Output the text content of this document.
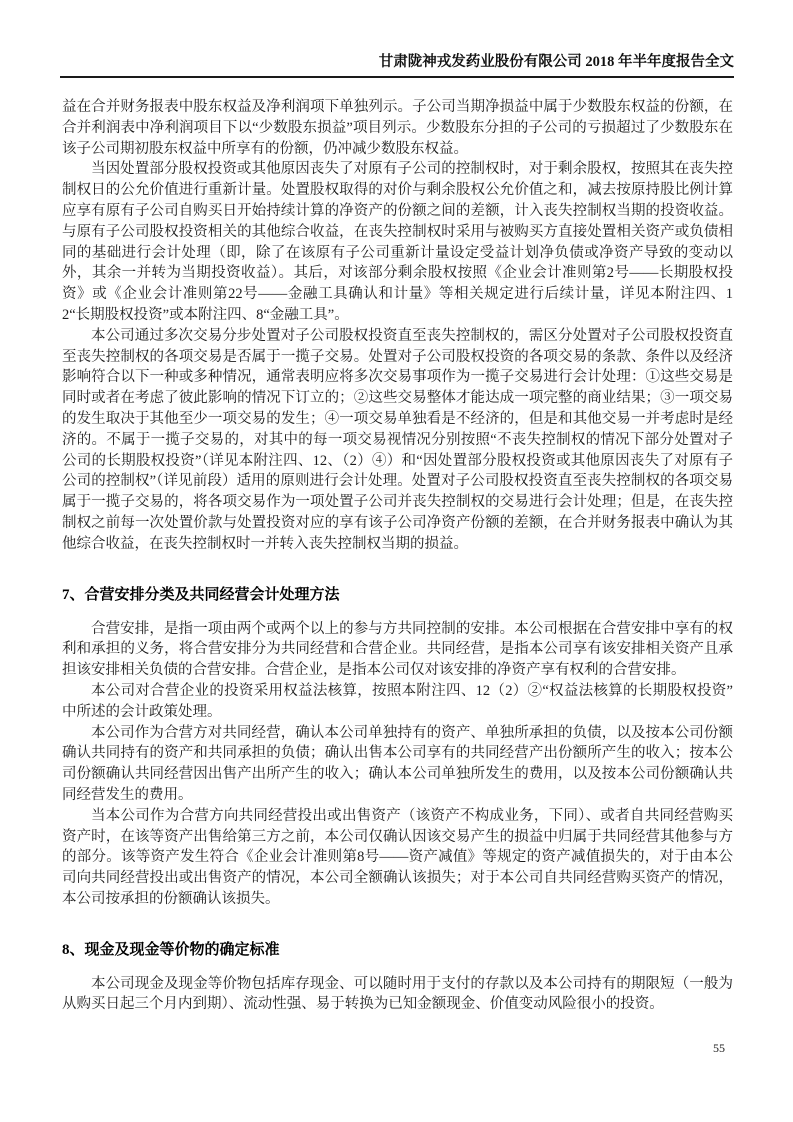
甘肃陇神戎发药业股份有限公司 2018 年半年度报告全文

益在合并财务报表中股东权益及净利润项下单独列示。子公司当期净损益中属于少数股东权益的份额，在合并利润表中净利润项目下以“少数股东损益”项目列示。少数股东分担的子公司的亏损超过了少数股东在该子公司期初股东权益中所享有的份额，仍冲减少数股东权益。

当因处置部分股权投资或其他原因丧失了对原有子公司的控制权时，对于剩余股权，按照其在丧失控制权日的公允价值进行重新计量。处置股权取得的对价与剩余股权公允价值之和，减去按原持股比例计算应享有原有子公司自购买日开始持续计算的净资产的份额之间的差额，计入丧失控制权当期的投资收益。与原有子公司股权投资相关的其他综合收益，在丧失控制权时采用与被购买方直接处置相关资产或负债相同的基础进行会计处理（即，除了在该原有子公司重新计量设定受益计划净负债或净资产导致的变动以外，其余一并转为当期投资收益）。其后，对该部分剩余股权按照《企业会计准则第2号——长期股权投资》或《企业会计准则第22号——金融工具确认和计量》等相关规定进行后续计量，详见本附注四、12“长期股权投资”或本附注四、8“金融工具”。

本公司通过多次交易分步处置对子公司股权投资直至丧失控制权的，需区分处置对子公司股权投资直至丧失控制权的各项交易是否属于一揽子交易。处置对子公司股权投资的各项交易的条款、条件以及经济影响符合以下一种或多种情况，通常表明应将多次交易事项作为一揽子交易进行会计处理：①这些交易是同时或者在考虑了彼此影响的情况下订立的；②这些交易整体才能达成一项完整的商业结果；③一项交易的发生取决于其他至少一项交易的发生；④一项交易单独看是不经济的，但是和其他交易一并考虑时是经济的。不属于一揽子交易的，对其中的每一项交易视情况分别按照“不丧失控制权的情况下部分处置对子公司的长期股权投资”（详见本附注四、12、（2）④）和“因处置部分股权投资或其他原因丧失了对原有子公司的控制权”（详见前段）适用的原则进行会计处理。处置对子公司股权投资直至丧失控制权的各项交易属于一揽子交易的，将各项交易作为一项处置子公司并丧失控制权的交易进行会计处理；但是，在丧失控制权之前每一次处置价款与处置投资对应的享有该子公司净资产份额的差额，在合并财务报表中确认为其他综合收益，在丧失控制权时一并转入丧失控制权当期的损益。

7、合营安排分类及共同经营会计处理方法

合营安排，是指一项由两个或两个以上的参与方共同控制的安排。本公司根据在合营安排中享有的权利和承担的义务，将合营安排分为共同经营和合营企业。共同经营，是指本公司享有该安排相关资产且承担该安排相关负债的合营安排。合营企业，是指本公司仅对该安排的净资产享有权利的合营安排。

本公司对合营企业的投资采用权益法核算，按照本附注四、12（2）②“权益法核算的长期股权投资”中所述的会计政策处理。

本公司作为合营方对共同经营，确认本公司单独持有的资产、单独所承担的负债，以及按本公司份额确认共同持有的资产和共同承担的负债；确认出售本公司享有的共同经营产出份额所产生的收入；按本公司份额确认共同经营因出售产出所产生的收入；确认本公司单独所发生的费用，以及按本公司份额确认共同经营发生的费用。

当本公司作为合营方向共同经营投出或出售资产（该资产不构成业务，下同）、或者自共同经营购买资产时，在该等资产出售给第三方之前，本公司仅确认因该交易产生的损益中归属于共同经营其他参与方的部分。该等资产发生符合《企业会计准则第8号——资产减值》等规定的资产减值损失的，对于由本公司向共同经营投出或出售资产的情况，本公司全额确认该损失；对于本公司自共同经营购买资产的情况，本公司按承担的份额确认该损失。

8、现金及现金等价物的确定标准

本公司现金及现金等价物包括库存现金、可以随时用于支付的存款以及本公司持有的期限短（一般为从购买日起三个月内到期）、流动性强、易于转换为已知金额现金、价值变动风险很小的投资。

55
